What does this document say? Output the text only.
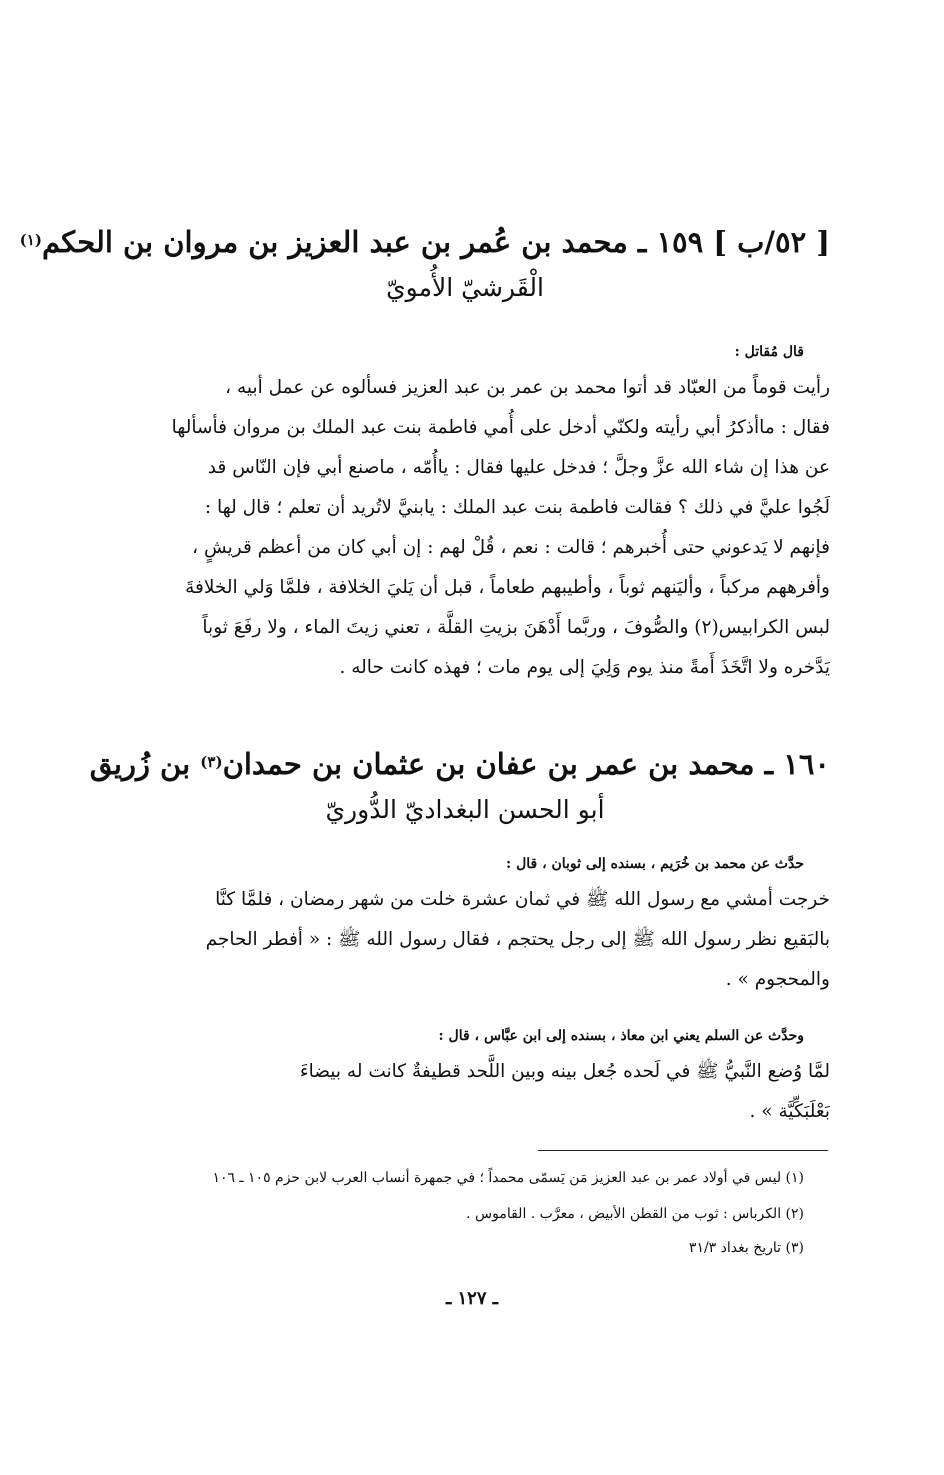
[ ٥٢/ب ] ١٥٩ ـ محمد بن عُمر بن عبد العزيز بن مروان بن الحكم$^{(١)}$
الْقَرشيّ الأُمويّ
قال مُقاتل :

رأيت قوماً من العبّاد قد أتوا محمد بن عمر بن عبد العزيز فسألوه عن عمل أبيه ،

فقال : ماأذكرُ أبي رأيته ولكنّي أدخل على أُمي فاطمة بنت عبد الملك بن مروان فأسألها

عن هذا إن شاء الله عزَّ وجلَّ ؛ فدخل عليها فقال : ياأُمّه ، ماصنع أبي فإن النّاس قد

لَجُوا عليَّ في ذلك ؟ فقالت فاطمة بنت عبد الملك : يابنيَّ لاتُريد أن تعلم ؛ قال لها :

فإنهم لا يَدعوني حتى أُخبرهم ؛ قالت : نعم ، قُلْ لهم : إن أبي كان من أعظم قريشٍ ،

وأفرههم مركباً ، وأليَنهم ثوباً ، وأطيبهم طعاماً ، قبل أن يَليَ الخلافة ، فلمَّا وَلي الخلافةَ

لبس الكرابيس(٢) والصُّوفَ ، وربَّما أَدْهَنَ بزيتِ القلَّة ، تعني زيتَ الماء ، ولا رفَعَ ثوباً

يَدَّخره ولا اتَّخَذَ أَمةً منذ يوم وَلِيَ إلى يوم مات ؛ فهذه كانت حاله .

١٦٠ ـ محمد بن عمر بن عفان بن عثمان بن حمدان$^{(٣)}$ بن زُريق
أبو الحسن البغداديّ الدُّوريّ
حدَّث عن محمد بن خُرَيم ، بسنده إلى ثوبان ، قال :

خرجت أمشي مع رسول الله ﷺ في ثمان عشرة خلت من شهر رمضان ، فلمَّا كنَّا

بالبَقيع نظر رسول الله ﷺ إلى رجل يحتجم ، فقال رسول الله ﷺ : « أفطر الحاجم

والمحجوم » .

وحدَّث عن السلم يعني ابن معاذ ، بسنده إلى ابن عبَّاس ، قال :

لمَّا وُضع النَّبيُّ ﷺ في لَحده جُعل بينه وبين اللَّحد قطيفةٌ كانت له بيضاءَ

بَعْلَبَكِّيَّة » .

(١) ليس في أولاد عمر بن عبد العزيز مَن يَسمّى محمداً ؛ في جمهرة أنساب العرب لابن حزم ١٠٥ ـ ١٠٦
(٢) الكرباس : ثوب من القطن الأبيض ، معرَّب . القاموس .
(٣) تاريخ بغداد ٣١/٣
ـ ١٢٧ ـ
